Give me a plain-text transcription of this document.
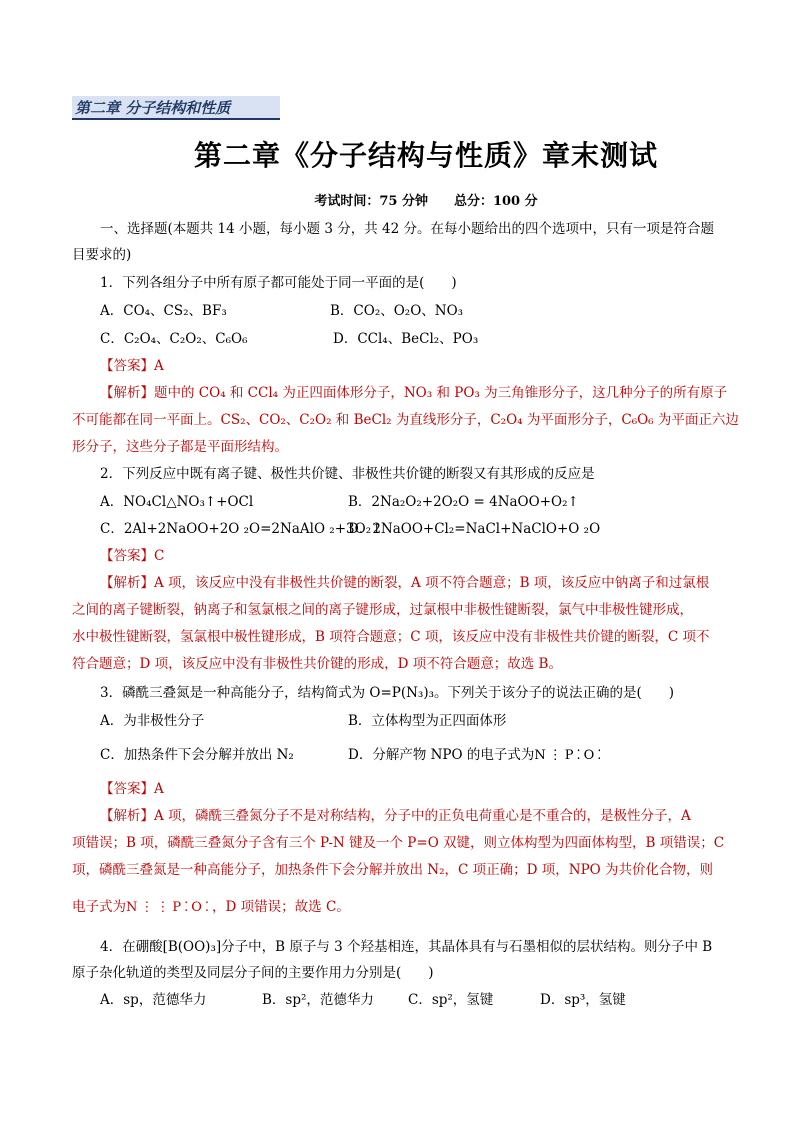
第二章 分子结构和性质
第二章《分子结构与性质》章末测试
考试时间：75 分钟 总分：100 分
一、选择题(本题共 14 小题，每小题 3 分，共 42 分。在每小题给出的四个选项中，只有一项是符合题
目要求的)
1．下列各组分子中所有原子都可能处于同一平面的是(　　)
A．CO₄、CS₂、BF₃	B．CO₂、O₂O、NO₃
C．C₂O₄、C₂O₂、C₆O₆	D．CCl₄、BeCl₂、PO₃
【答案】A
【解析】题中的 CO₄ 和 CCl₄ 为正四面体形分子，NO₃ 和 PO₃ 为三角锥形分子，这几种分子的所有原子
不可能都在同一平面上。CS₂、CO₂、C₂O₂ 和 BeCl₂ 为直线形分子，C₂O₄ 为平面形分子，C₆O₆ 为平面正六边
形分子，这些分子都是平面形结构。
2．下列反应中既有离子键、极性共价键、非极性共价键的断裂又有其形成的反应是
A．NO₄Cl△NO₃↑+OCl	B．2Na₂O₂+2O₂O = 4NaOO+O₂↑
C．2Al+2NaOO+2O ₂O=2NaAlO ₂+3O₂↑
D．2NaOO+Cl₂=NaCl+NaClO+O ₂O
【答案】C
【解析】A 项，该反应中没有非极性共价键的断裂，A 项不符合题意；B 项，该反应中钠离子和过氯根
之间的离子键断裂，钠离子和氢氯根之间的离子键形成，过氯根中非极性键断裂，氯气中非极性键形成，
水中极性键断裂，氢氯根中极性键形成，B 项符合题意；C 项，该反应中没有非极性共价键的断裂，C 项不
符合题意；D 项，该反应中没有非极性共价键的形成，D 项不符合题意；故选 B。
3．磷酰三叠氮是一种高能分子，结构简式为 O=P(N₃)₃。下列关于该分子的说法正确的是(　　)
A．为非极性分子	B．立体构型为正四面体形
C．加热条件下会分解并放出 N₂	D．分解产物 NPO 的电子式为N⋮P⁚O⁚
【答案】A
【解析】A 项，磷酰三叠氮分子不是对称结构，分子中的正负电荷重心是不重合的，是极性分子，A
项错误；B 项，磷酰三叠氮分子含有三个 P-N 键及一个 P=O 双键，则立体构型为四面体构型，B 项错误；C
项，磷酰三叠氮是一种高能分子，加热条件下会分解并放出 N₂，C 项正确；D 项，NPO 为共价化合物，则
电子式为N⋮⋮P⁚O⁚，D 项错误；故选 C。
4．在硼酸[B(OO)₃]分子中，B 原子与 3 个羟基相连，其晶体具有与石墨相似的层状结构。则分子中 B
原子杂化轨道的类型及同层分子间的主要作用力分别是(　　)
A．sp，范德华力	B．sp²，范德华力	C．sp²，氢键	D．sp³，氢键
